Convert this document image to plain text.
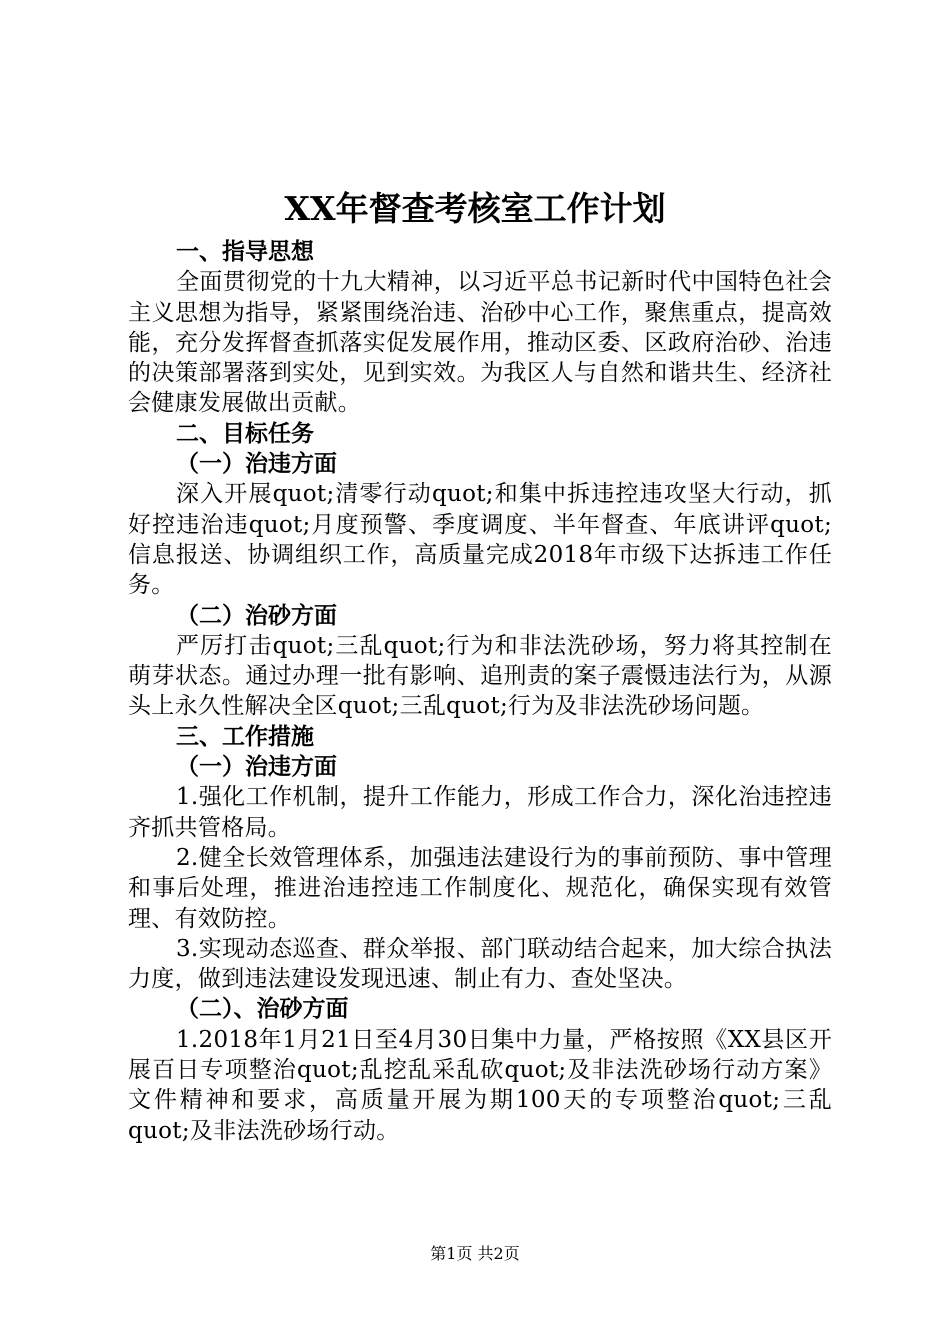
XX年督查考核室工作计划
一、指导思想
全面贯彻党的十九大精神，以习近平总书记新时代中国特色社会主义思想为指导，紧紧围绕治违、治砂中心工作，聚焦重点，提高效能，充分发挥督查抓落实促发展作用，推动区委、区政府治砂、治违的决策部署落到实处，见到实效。为我区人与自然和谐共生、经济社会健康发展做出贡献。
二、目标任务
（一）治违方面
深入开展quot;清零行动quot;和集中拆违控违攻坚大行动，抓好控违治违quot;月度预警、季度调度、半年督查、年底讲评quot;信息报送、协调组织工作，高质量完成2018年市级下达拆违工作任务。
（二）治砂方面
严厉打击quot;三乱quot;行为和非法洗砂场，努力将其控制在萌芽状态。通过办理一批有影响、追刑责的案子震慑违法行为，从源头上永久性解决全区quot;三乱quot;行为及非法洗砂场问题。
三、工作措施
（一）治违方面
1.强化工作机制，提升工作能力，形成工作合力，深化治违控违齐抓共管格局。
2.健全长效管理体系，加强违法建设行为的事前预防、事中管理和事后处理，推进治违控违工作制度化、规范化，确保实现有效管理、有效防控。
3.实现动态巡查、群众举报、部门联动结合起来，加大综合执法力度，做到违法建设发现迅速、制止有力、查处坚决。
（二）、治砂方面
1.2018年1月21日至4月30日集中力量，严格按照《XX县区开展百日专项整治quot;乱挖乱采乱砍quot;及非法洗砂场行动方案》文件精神和要求，高质量开展为期100天的专项整治quot;三乱quot;及非法洗砂场行动。
第1页 共2页
